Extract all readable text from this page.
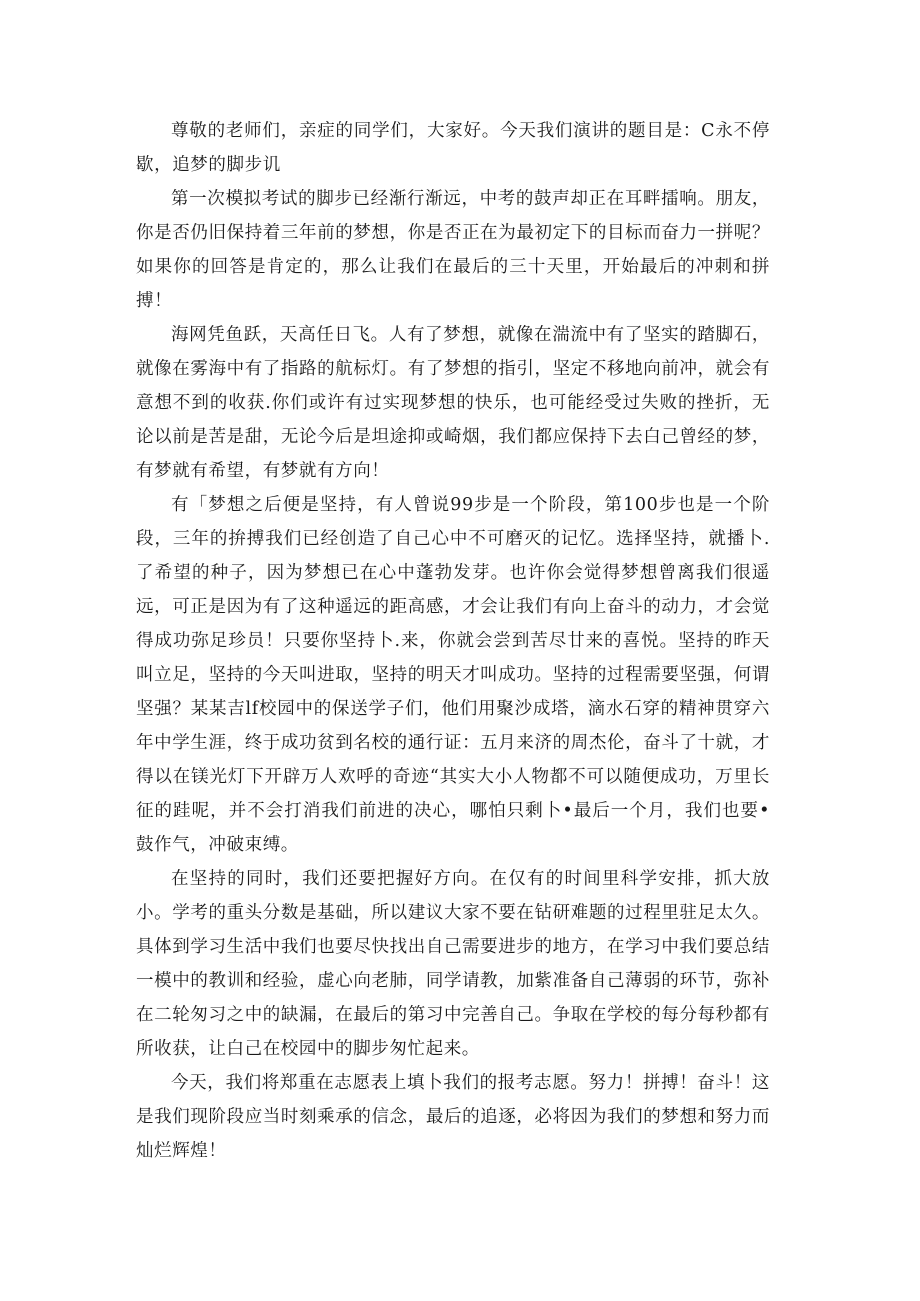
尊敬的老师们，亲症的同学们，大家好。今天我们演讲的题目是：C永不停歇，追梦的脚步讥

第一次模拟考试的脚步已经渐行渐远，中考的鼓声却正在耳畔擂响。朋友，你是否仍旧保持着三年前的梦想，你是否正在为最初定下的目标而奋力一拼呢？如果你的回答是肯定的，那么让我们在最后的三十天里，开始最后的冲刺和拼搏！

海网凭鱼跃，天高任日飞。人有了梦想，就像在湍流中有了坚实的踏脚石，就像在雾海中有了指路的航标灯。有了梦想的指引，坚定不移地向前冲，就会有意想不到的收获.你们或许有过实现梦想的快乐，也可能经受过失败的挫折，无论以前是苦是甜，无论今后是坦途抑或崎烟，我们都应保持下去白己曾经的梦，有梦就有希望，有梦就有方向！

有「梦想之后便是坚持，有人曾说99步是一个阶段，第100步也是一个阶段，三年的拚搏我们已经创造了自己心中不可磨灭的记忆。选择坚持，就播卜.了希望的种子，因为梦想已在心中蓬勃发芽。也许你会觉得梦想曾离我们很遥远，可正是因为有了这种遥远的距高感，才会让我们有向上奋斗的动力，才会觉得成功弥足珍员！只要你坚持卜.来，你就会尝到苦尽廿来的喜悦。坚持的昨天叫立足，坚持的今天叫进取，坚持的明天才叫成功。坚持的过程需要坚强，何谓坚强？某某吉lf校园中的保送学子们，他们用聚沙成塔，滴水石穿的精神贯穿六年中学生涯，终于成功贫到名校的通行证：五月来济的周杰伦，奋斗了十就，才得以在镁光灯下开辟万人欢呼的奇迹“其实大小人物都不可以随便成功，万里长征的跬呢，并不会打消我们前进的决心，哪怕只剩卜•最后一个月，我们也要•鼓作气，冲破束缚。

在坚持的同时，我们还要把握好方向。在仅有的时间里科学安排，抓大放小。学考的重头分数是基础，所以建议大家不要在钻研难题的过程里驻足太久。具体到学习生活中我们也要尽快找出自己需要进步的地方，在学习中我们要总结一模中的教训和经验，虚心向老肺，同学请教，加紫准备自己薄弱的环节，弥补在二轮匆习之中的缺漏，在最后的第习中完善自己。争取在学校的每分每秒都有所收获，让白己在校园中的脚步匆忙起来。

今天，我们将郑重在志愿表上填卜我们的报考志愿。努力！拼搏！奋斗！这是我们现阶段应当时刻乘承的信念，最后的追逐，必将因为我们的梦想和努力而灿烂辉煌！
